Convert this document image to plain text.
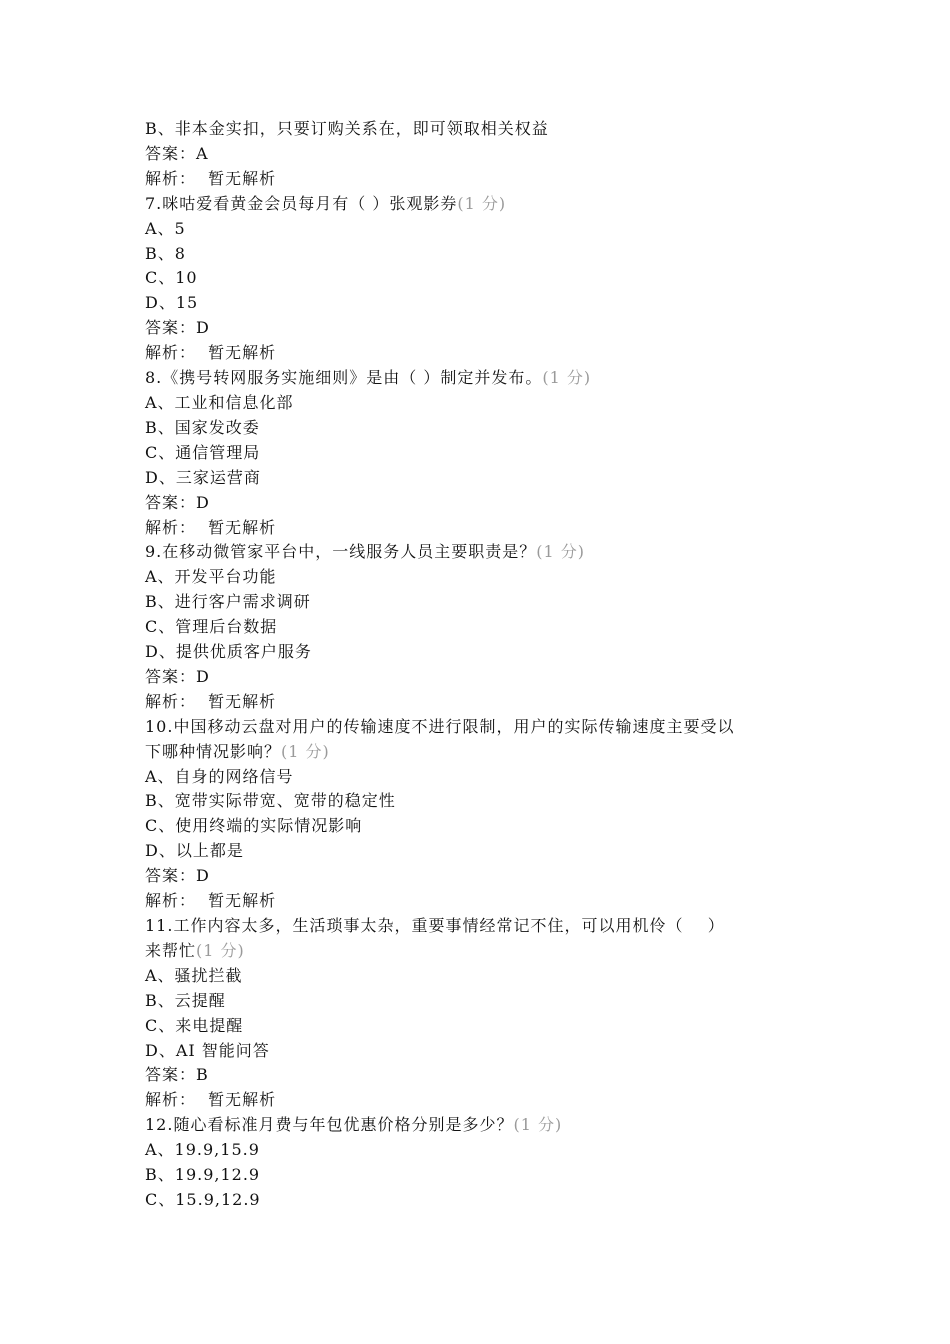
B、非本金实扣，只要订购关系在，即可领取相关权益
答案：A
解析：  暂无解析
7.咪咕爱看黄金会员每月有（ ）张观影券(1 分)
A、5
B、8
C、10
D、15
答案：D
解析：  暂无解析
8.《携号转网服务实施细则》是由（ ）制定并发布。(1 分)
A、工业和信息化部
B、国家发改委
C、通信管理局
D、三家运营商
答案：D
解析：  暂无解析
9.在移动微管家平台中，一线服务人员主要职责是？(1 分)
A、开发平台功能
B、进行客户需求调研
C、管理后台数据
D、提供优质客户服务
答案：D
解析：  暂无解析
10.中国移动云盘对用户的传输速度不进行限制，用户的实际传输速度主要受以
下哪种情况影响？(1 分)
A、自身的网络信号
B、宽带实际带宽、宽带的稳定性
C、使用终端的实际情况影响
D、以上都是
答案：D
解析：  暂无解析
11.工作内容太多，生活琐事太杂，重要事情经常记不住，可以用机伶（    ）
来帮忙(1 分)
A、骚扰拦截
B、云提醒
C、来电提醒
D、AI 智能问答
答案：B
解析：  暂无解析
12.随心看标准月费与年包优惠价格分别是多少？(1 分)
A、19.9,15.9
B、19.9,12.9
C、15.9,12.9
